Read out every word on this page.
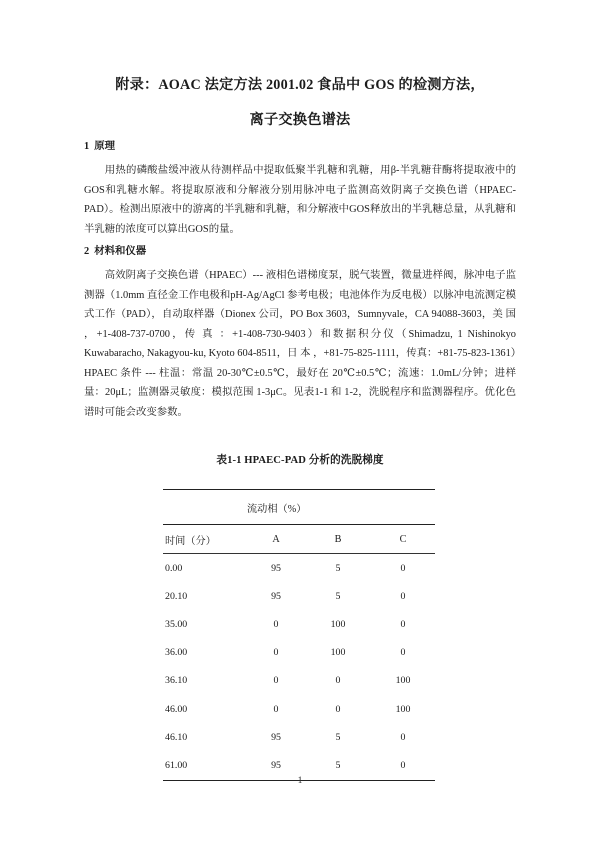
附录：AOAC 法定方法 2001.02 食品中 GOS 的检测方法，
离子交换色谱法
1 原理

用热的磷酸盐缓冲液从待测样品中提取低聚半乳糖和乳糖，用β-半乳糖苷酶将提取液中的GOS和乳糖水解。将提取原液和分解液分别用脉冲电子监测高效阴离子交换色谱（HPAEC-PAD）。检测出原液中的游离的半乳糖和乳糖，和分解液中GOS释放出的半乳糖总量，从乳糖和半乳糖的浓度可以算出GOS的量。

2 材料和仪器

高效阴离子交换色谱（HPAEC）--- 液相色谱梯度泵，脱气装置，微量进样阀，脉冲电子监测器（1.0mm 直径金工作电极和pH-Ag/AgCl 参考电极；电池体作为反电极）以脉冲电流测定模式工作（PAD），自动取样器（Dionex 公司，PO Box 3603，Sumnyvale，CA 94088-3603，美 国 ，+1-408-737-0700，传 真 ：+1-408-730-9403）和数据积分仪（Shimadzu, 1 Nishinokyo Kuwabaracho, Nakagyou-ku, Kyoto 604-8511，日 本 ，+81-75-825-1111，传真：+81-75-823-1361）HPAEC 条件 --- 柱温：常温 20-30℃±0.5℃，最好在 20℃±0.5℃；流速：1.0mL/分钟；进样量：20μL；监测器灵敏度：模拟范围 1-3μC。见表1-1 和 1-2，洗脱程序和监测器程序。优化色谱时可能会改变参数。

表1-1 HPAEC-PAD 分析的洗脱梯度

	流动相（%）		

时间（分）	A	B	C

0.00	95	5	0
20.10	95	5	0
35.00	0	100	0
36.00	0	100	0
36.10	0	0	100
46.00	0	0	100
46.10	95	5	0
61.00	95	5	0

1
